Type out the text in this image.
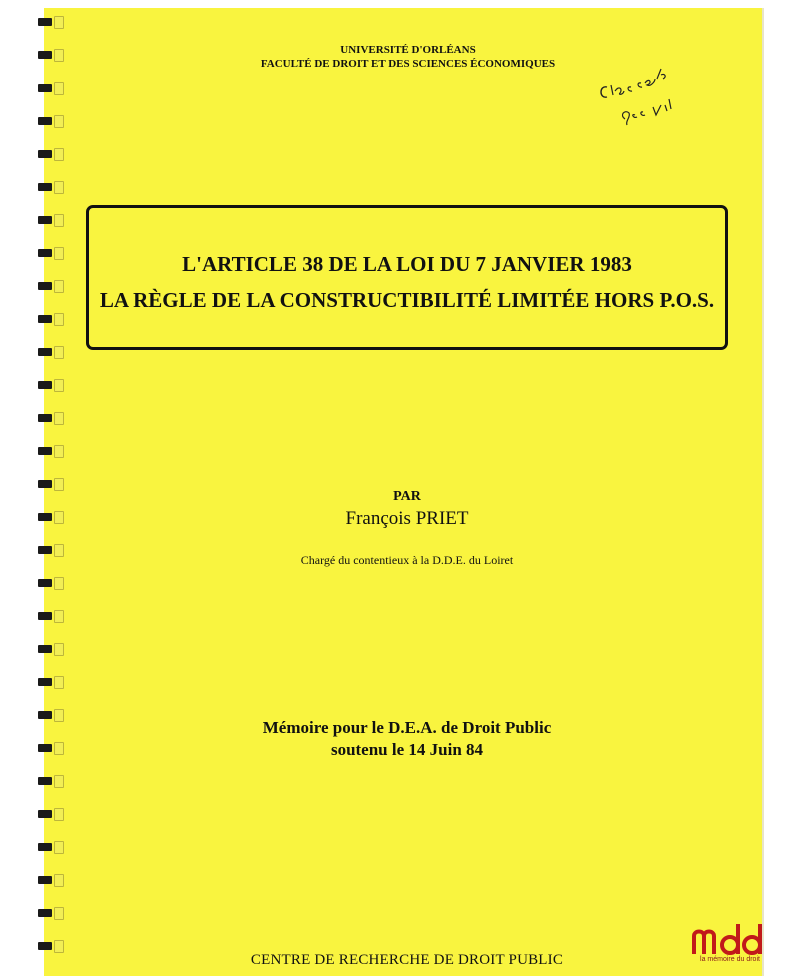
UNIVERSITÉ D'ORLÉANS
FACULTÉ DE DROIT ET DES SCIENCES ÉCONOMIQUES
L'ARTICLE 38 DE LA LOI DU 7 JANVIER 1983
LA RÈGLE DE LA CONSTRUCTIBILITÉ LIMITÉE HORS P.O.S.
PAR
François PRIET
Chargé du contentieux à la D.D.E. du Loiret
Mémoire pour le D.E.A. de Droit Public
soutenu le 14 Juin 84
CENTRE DE RECHERCHE DE DROIT PUBLIC	la mémoire du droit
